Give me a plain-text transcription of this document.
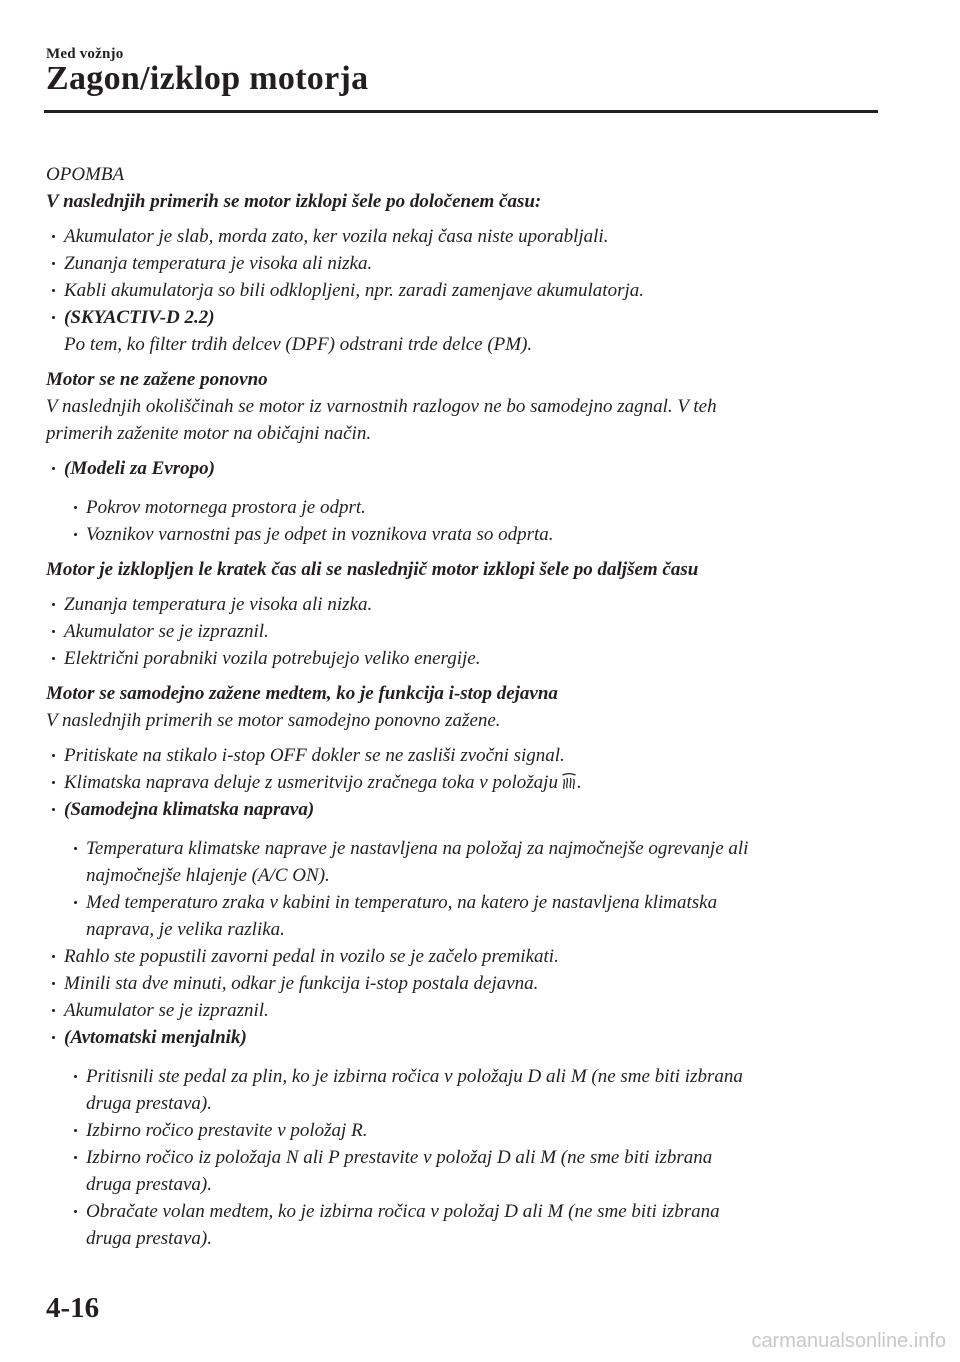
Med vožnjo
Zagon/izklop motorja

OPOMBA

V naslednjih primerih se motor izklopi šele po določenem času:

Akumulator je slab, morda zato, ker vozila nekaj časa niste uporabljali.

Zunanja temperatura je visoka ali nizka.

Kabli akumulatorja so bili odklopljeni, npr. zaradi zamenjave akumulatorja.

(SKYACTIV-D 2.2)

Po tem, ko filter trdih delcev (DPF) odstrani trde delce (PM).

Motor se ne zažene ponovno

V naslednjih okoliščinah se motor iz varnostnih razlogov ne bo samodejno zagnal. V teh

primerih zaženite motor na običajni način.

(Modeli za Evropo)

Pokrov motornega prostora je odprt.

Voznikov varnostni pas je odpet in voznikova vrata so odprta.

Motor je izklopljen le kratek čas ali se naslednjič motor izklopi šele po daljšem času

Zunanja temperatura je visoka ali nizka.

Akumulator se je izpraznil.

Električni porabniki vozila potrebujejo veliko energije.

Motor se samodejno zažene medtem, ko je funkcija i-stop dejavna

V naslednjih primerih se motor samodejno ponovno zažene.

Pritiskate na stikalo i-stop OFF dokler se ne zasliši zvočni signal.

Klimatska naprava deluje z usmeritvijo zračnega toka v položaju .

(Samodejna klimatska naprava)

Temperatura klimatske naprave je nastavljena na položaj za najmočnejše ogrevanje ali

najmočnejše hlajenje (A/C ON).

Med temperaturo zraka v kabini in temperaturo, na katero je nastavljena klimatska

naprava, je velika razlika.

Rahlo ste popustili zavorni pedal in vozilo se je začelo premikati.

Minili sta dve minuti, odkar je funkcija i-stop postala dejavna.

Akumulator se je izpraznil.

(Avtomatski menjalnik)

Pritisnili ste pedal za plin, ko je izbirna ročica v položaju D ali M (ne sme biti izbrana

druga prestava).

Izbirno ročico prestavite v položaj R.

Izbirno ročico iz položaja N ali P prestavite v položaj D ali M (ne sme biti izbrana

druga prestava).

Obračate volan medtem, ko je izbirna ročica v položaj D ali M (ne sme biti izbrana

druga prestava).

4-16
carmanualsonline.info
